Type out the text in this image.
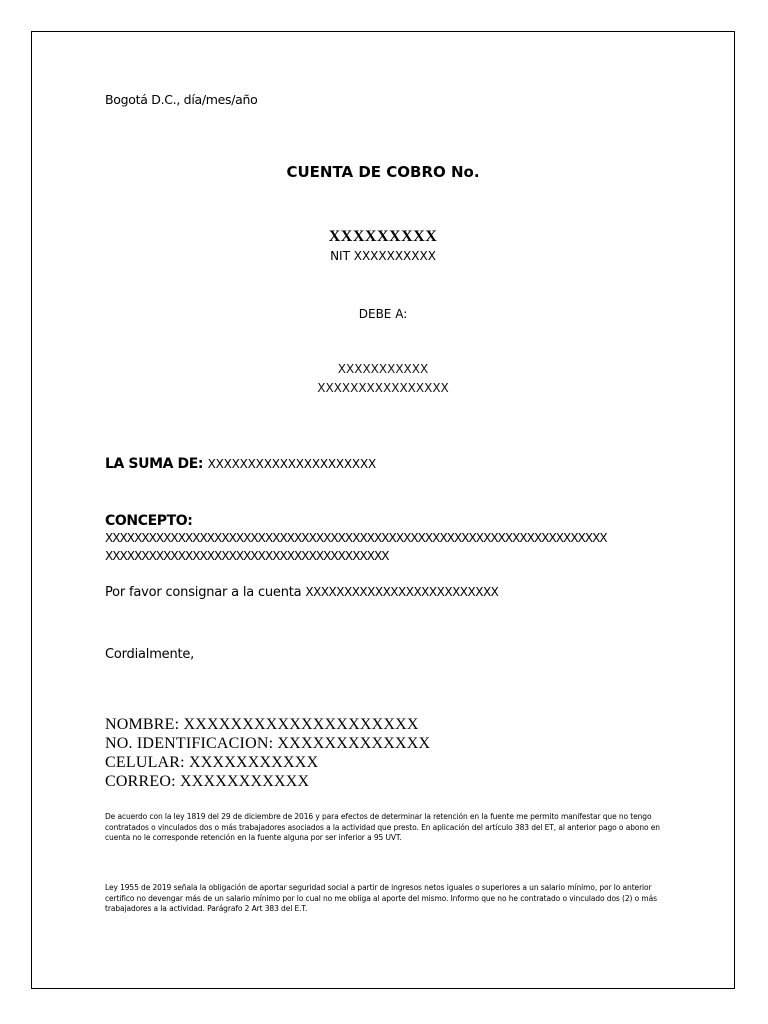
Bogotá D.C., día/mes/año
CUENTA DE COBRO No.
XXXXXXXXX
NIT XXXXXXXXXX
DEBE A:
XXXXXXXXXXX
XXXXXXXXXXXXXXXX
LA SUMA DE: XXXXXXXXXXXXXXXXXXXXX
CONCEPTO:
XXXXXXXXXXXXXXXXXXXXXXXXXXXXXXXXXXXXXXXXXXXXXXXXXXXXXXXXXXXXXXXXXXXXX
XXXXXXXXXXXXXXXXXXXXXXXXXXXXXXXXXXXXXXX
Por favor consignar a la cuenta XXXXXXXXXXXXXXXXXXXXXXXXX
Cordialmente,
NOMBRE: XXXXXXXXXXXXXXXXXXXX
NO. IDENTIFICACION: XXXXXXXXXXXXX
CELULAR: XXXXXXXXXXX
CORREO: XXXXXXXXXXX
De acuerdo con la ley 1819 del 29 de diciembre de 2016 y para efectos de determinar la retención en la fuente me permito manifestar que no tengo contratados o vinculados dos o más trabajadores asociados a la actividad que presto. En aplicación del artículo 383 del ET, al anterior pago o abono en cuenta no le corresponde retención en la fuente alguna por ser inferior a 95 UVT.
Ley 1955 de 2019 señala la obligación de aportar seguridad social a partir de ingresos netos iguales o superiores a un salario mínimo, por lo anterior certifico no devengar más de un salario mínimo por lo cual no me obliga al aporte del mismo. Informo que no he contratado o vinculado dos (2) o más trabajadores a la actividad. Parágrafo 2 Art 383 del E.T.
